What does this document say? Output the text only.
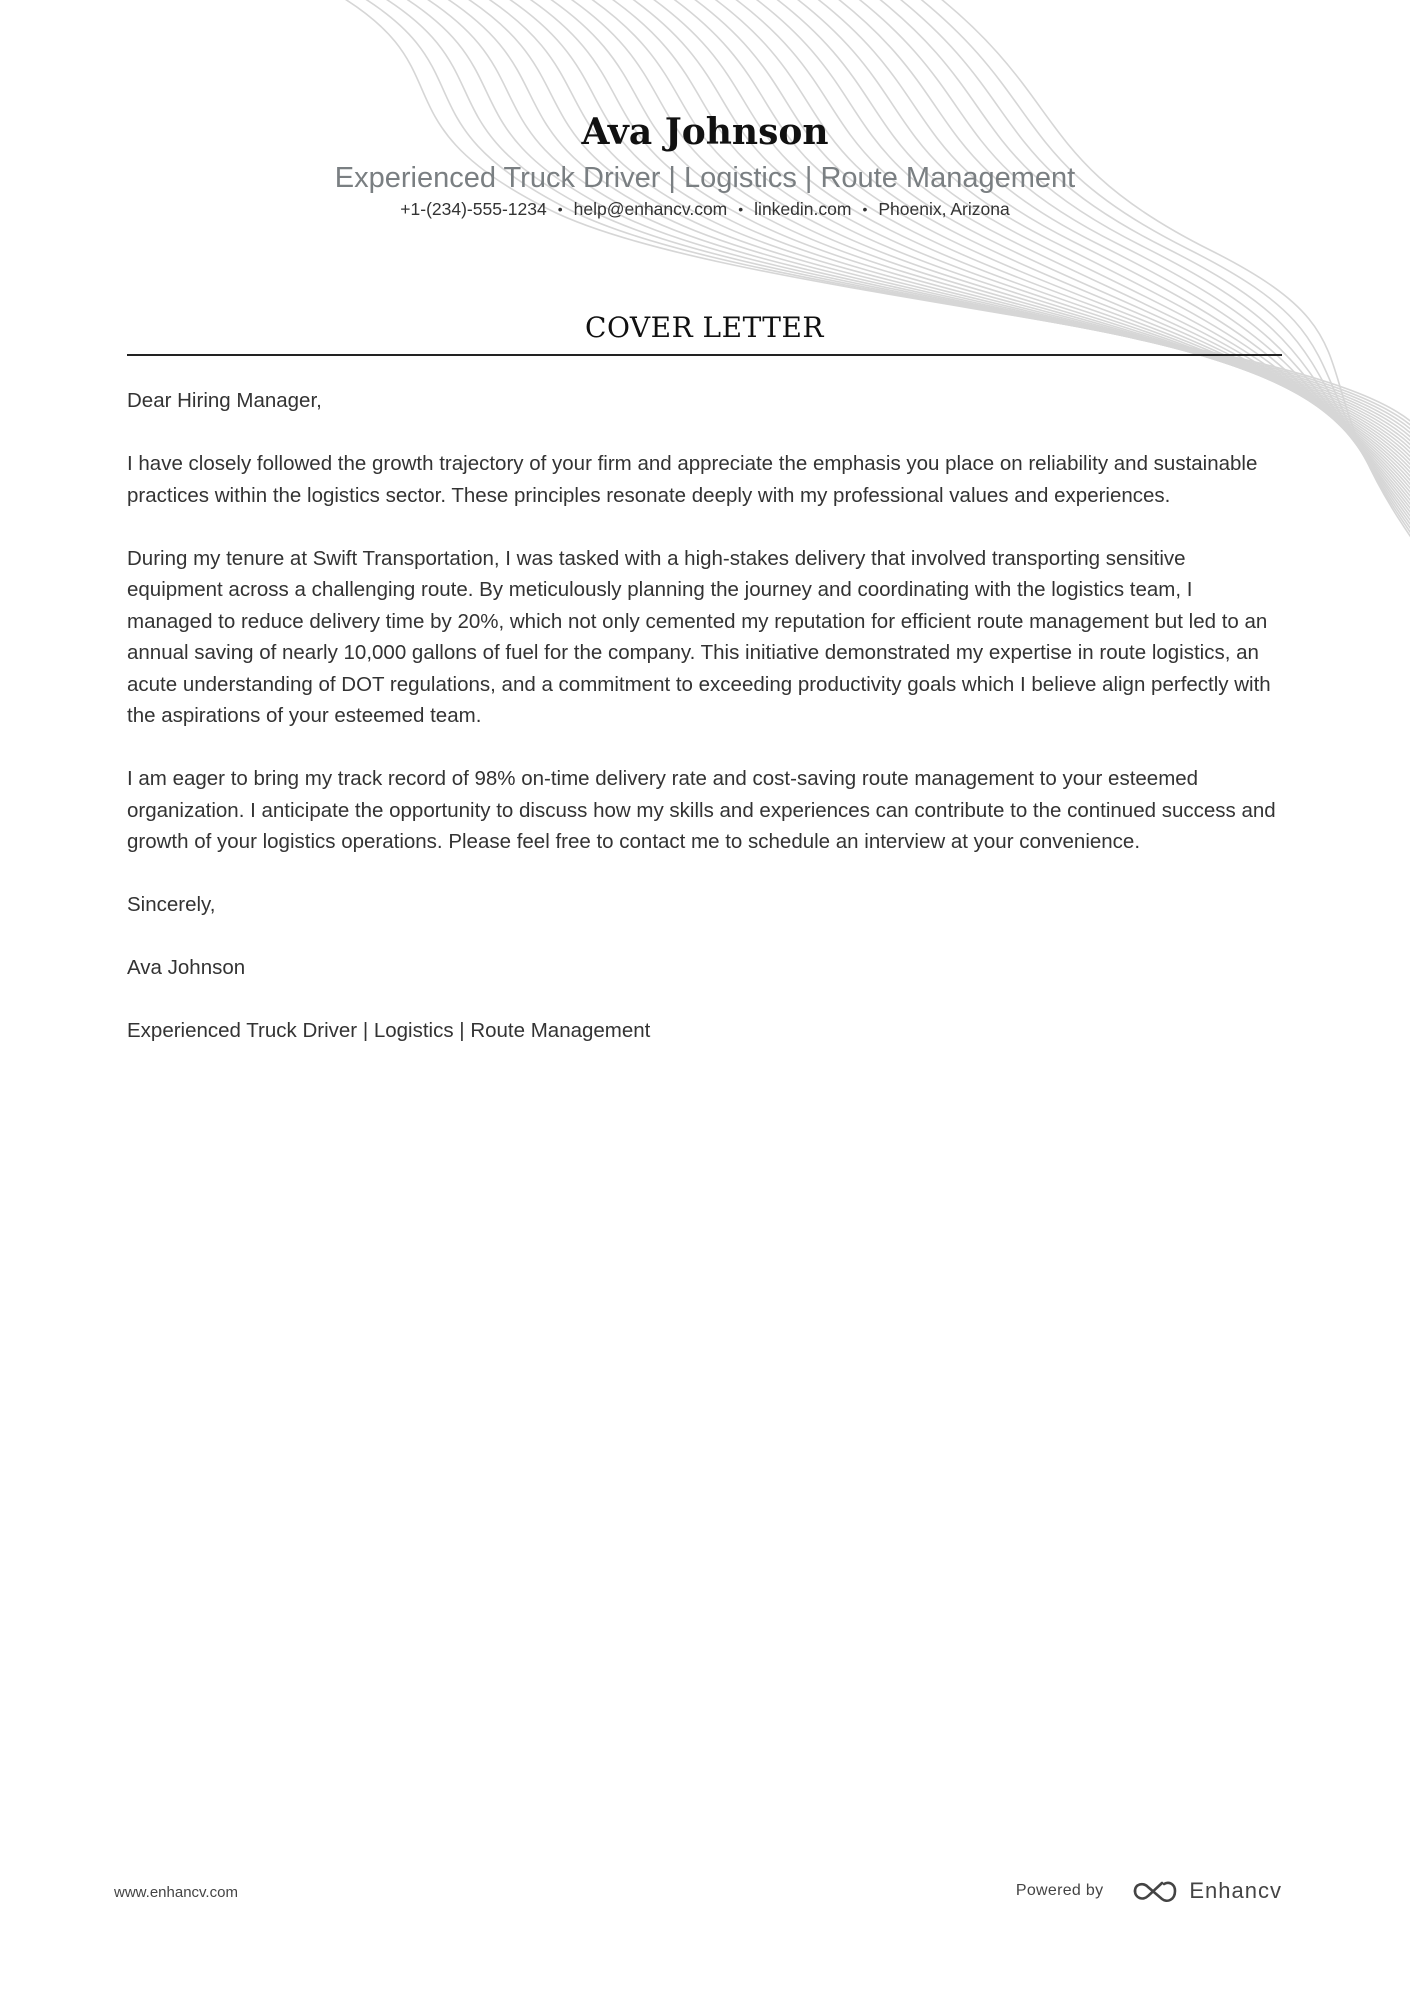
Ava Johnson
Experienced Truck Driver | Logistics | Route Management
+1-(234)-555-1234 • help@enhancv.com • linkedin.com • Phoenix, Arizona
COVER LETTER

Dear Hiring Manager,

I have closely followed the growth trajectory of your firm and appreciate the emphasis you place on reliability and sustainable practices within the logistics sector. These principles resonate deeply with my professional values and experiences.

During my tenure at Swift Transportation, I was tasked with a high-stakes delivery that involved transporting sensitive equipment across a challenging route. By meticulously planning the journey and coordinating with the logistics team, I managed to reduce delivery time by 20%, which not only cemented my reputation for efficient route management but led to an annual saving of nearly 10,000 gallons of fuel for the company. This initiative demonstrated my expertise in route logistics, an acute understanding of DOT regulations, and a commitment to exceeding productivity goals which I believe align perfectly with the aspirations of your esteemed team.

I am eager to bring my track record of 98% on-time delivery rate and cost-saving route management to your esteemed organization. I anticipate the opportunity to discuss how my skills and experiences can contribute to the continued success and growth of your logistics operations. Please feel free to contact me to schedule an interview at your convenience.

Sincerely,

Ava Johnson

Experienced Truck Driver | Logistics | Route Management

www.enhancv.com	Powered by	Enhancv
